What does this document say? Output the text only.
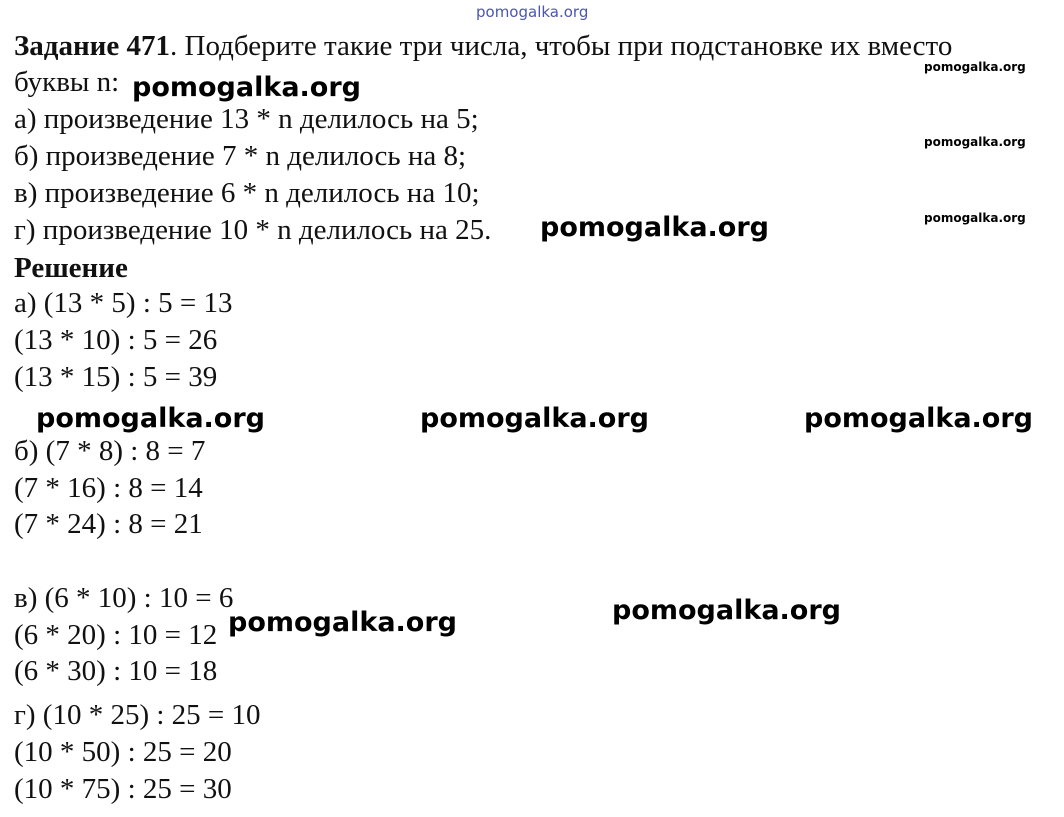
pomogalka.org
Задание 471. Подберите такие три числа, чтобы при подстановке их вместо
буквы n:
а) произведение 13 * n делилось на 5;
б) произведение 7 * n делилось на 8;
в) произведение 6 * n делилось на 10;
г) произведение 10 * n делилось на 25.
Решение
а) (13 * 5) : 5 = 13
(13 * 10) : 5 = 26
(13 * 15) : 5 = 39
б) (7 * 8) : 8 = 7
(7 * 16) : 8 = 14
(7 * 24) : 8 = 21
в) (6 * 10) : 10 = 6
(6 * 20) : 10 = 12
(6 * 30) : 10 = 18
г) (10 * 25) : 25 = 10
(10 * 50) : 25 = 20
(10 * 75) : 25 = 30
pomogalka.org
pomogalka.org
pomogalka.org	pomogalka.org	pomogalka.org
pomogalka.org
pomogalka.org
pomogalka.org
pomogalka.org
pomogalka.org
